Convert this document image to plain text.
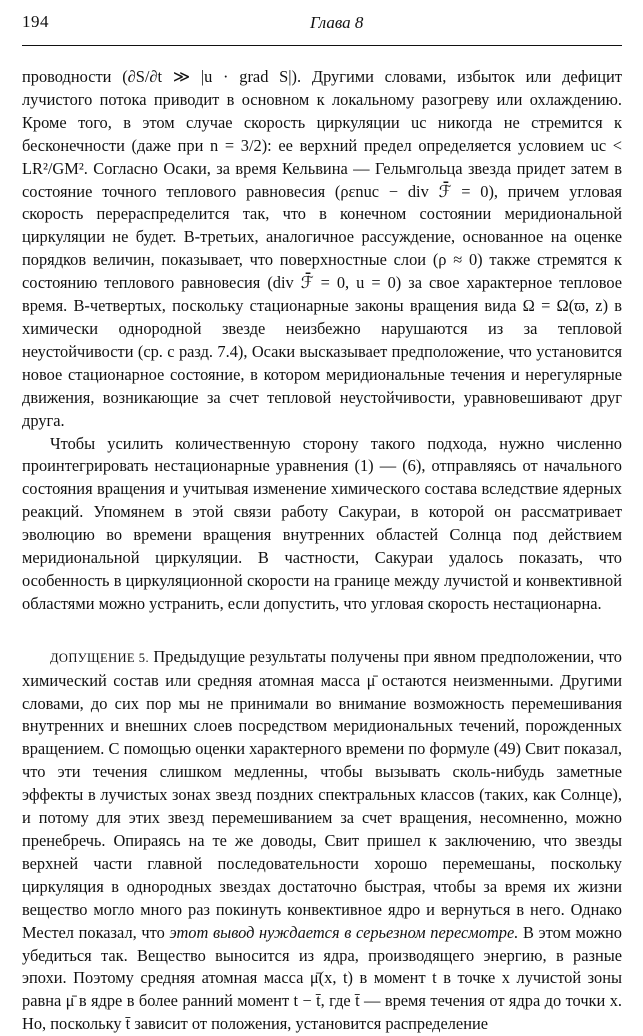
194	Глава 8

проводности (∂S/∂t ≫ |u · grad S|). Другими словами, избыток или дефицит лучистого потока приводит в основном к локальному разогреву или охлаждению. Кроме того, в этом случае скорость циркуляции uc никогда не стремится к бесконечности (даже при n = 3/2): ее верхний предел определяется условием uc < LR²/GM². Согласно Осаки, за время Кельвина — Гельмгольца звезда придет затем в состояние точного теплового равновесия (ρεnuc − div ℱ̄ = 0), причем угловая скорость перераспределится так, что в конечном состоянии меридиональной циркуляции не будет. В-третьих, аналогичное рассуждение, основанное на оценке порядков величин, показывает, что поверхностные слои (ρ ≈ 0) также стремятся к состоянию теплового равновесия (div ℱ̄ = 0, u = 0) за свое характерное тепловое время. В-четвертых, поскольку стационарные законы вращения вида Ω = Ω(ϖ, z) в химически однородной звезде неизбежно нарушаются из за тепловой неустойчивости (ср. с разд. 7.4), Осаки высказывает предположение, что установится новое стационарное состояние, в котором меридиональные течения и нерегулярные движения, возникающие за счет тепловой неустойчивости, уравновешивают друг друга.

Чтобы усилить количественную сторону такого подхода, нужно численно проинтегрировать нестационарные уравнения (1) — (6), отправляясь от начального состояния вращения и учитывая изменение химического состава вследствие ядерных реакций. Упомянем в этой связи работу Сакураи, в которой он рассматривает эволюцию во времени вращения внутренних областей Солнца под действием меридиональной циркуляции. В частности, Сакураи удалось показать, что особенность в циркуляционной скорости на границе между лучистой и конвективной областями можно устранить, если допустить, что угловая скорость нестационарна.

ДОПУЩЕНИЕ 5. Предыдущие результаты получены при явном предположении, что химический состав или средняя атомная масса μ̄ остаются неизменными. Другими словами, до сих пор мы не принимали во внимание возможность перемешивания внутренних и внешних слоев посредством меридиональных течений, порожденных вращением. С помощью оценки характерного времени по формуле (49) Свит показал, что эти течения слишком медленны, чтобы вызывать сколь-нибудь заметные эффекты в лучистых зонах звезд поздних спектральных классов (таких, как Солнце), и потому для этих звезд перемешиванием за счет вращения, несомненно, можно пренебречь. Опираясь на те же доводы, Свит пришел к заключению, что звезды верхней части главной последовательности хорошо перемешаны, поскольку циркуляция в однородных звездах достаточно быстрая, чтобы за время их жизни вещество могло много раз покинуть конвективное ядро и вернуться в него. Однако Местел показал, что этот вывод нуждается в серьезном пересмотре. В этом можно убедиться так. Вещество выносится из ядра, производящего энергию, в разные эпохи. Поэтому средняя атомная масса μ̄(x, t) в момент t в точке x лучистой зоны равна μ̄ в ядре в более ранний момент t − t̄, где t̄ — время течения от ядра до точки x. Но, поскольку t̄ зависит от положения, установится распределение
